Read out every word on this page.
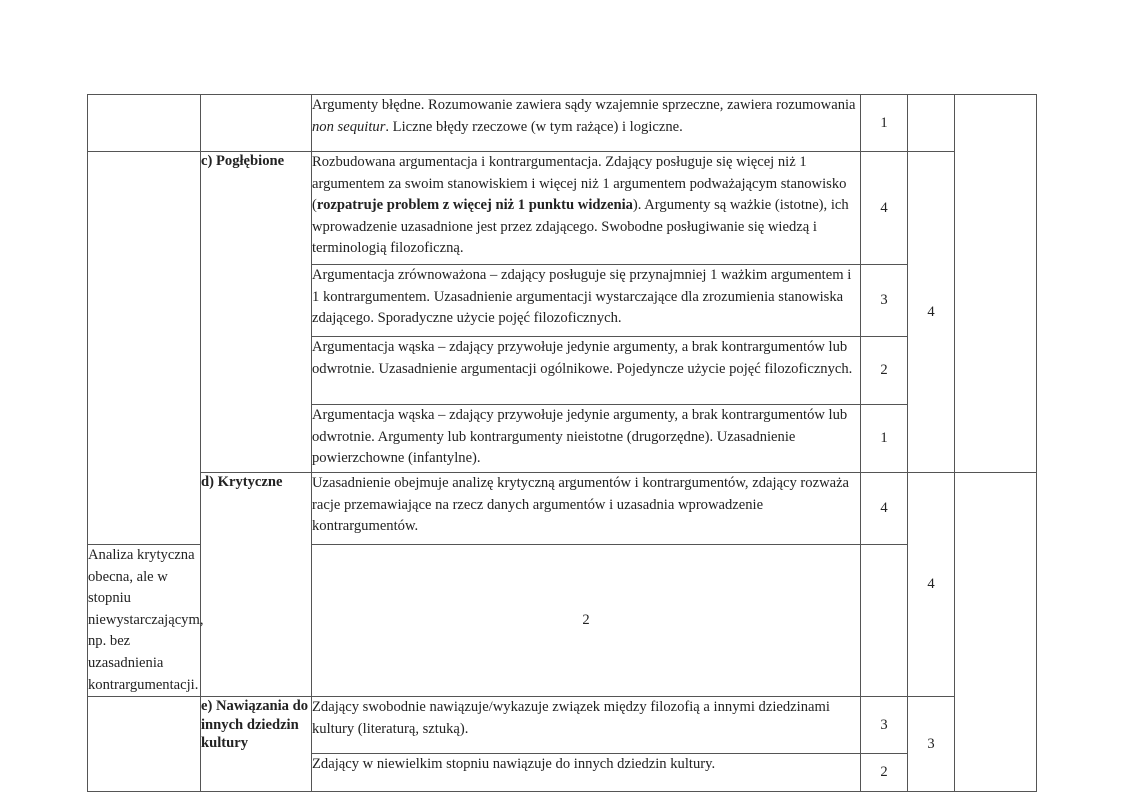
		Argumenty błędne. Rozumowanie zawiera sądy wzajemnie sprzeczne, zawiera rozumowania non sequitur. Liczne błędy rzeczowe (w tym rażące) i logiczne.	1		
	c) Pogłębione	Rozbudowana argumentacja i kontrargumentacja. Zdający posługuje się więcej niż 1 argumentem za swoim stanowiskiem i więcej niż 1 argumentem podważającym stanowisko (rozpatruje problem z więcej niż 1 punktu widzenia). Argumenty są ważkie (istotne), ich wprowadzenie uzasadnione jest przez zdającego. Swobodne posługiwanie się wiedzą i terminologią filozoficzną.	4	4	
		Argumentacja zrównoważona – zdający posługuje się przynajmniej 1 ważkim argumentem i 1 kontrargumentem. Uzasadnienie argumentacji wystarczające dla zrozumienia stanowiska zdającego. Sporadyczne użycie pojęć filozoficznych.	3		
		Argumentacja wąska – zdający przywołuje jedynie argumenty, a brak kontrargumentów lub odwrotnie. Uzasadnienie argumentacji ogólnikowe. Pojedyncze użycie pojęć filozoficznych.	2		
		Argumentacja wąska – zdający przywołuje jedynie argumenty, a brak kontrargumentów lub odwrotnie. Argumenty lub kontrargumenty nieistotne (drugorzędne). Uzasadnienie powierzchowne (infantylne).	1		
	d) Krytyczne	Uzasadnienie obejmuje analizę krytyczną argumentów i kontrargumentów, zdający rozważa racje przemawiające na rzecz danych argumentów i uzasadnia wprowadzenie kontrargumentów.	4	4	
Analiza krytyczna obecna, ale w stopniu niewystarczającym, np. bez uzasadnienia kontrargumentacji.		2			
	e) Nawiązania do innych dziedzin kultury	Zdający swobodnie nawiązuje/wykazuje związek między filozofią a innymi dziedzinami kultury (literaturą, sztuką).	3	3	
		Zdający w niewielkim stopniu nawiązuje do innych dziedzin kultury.	2		
